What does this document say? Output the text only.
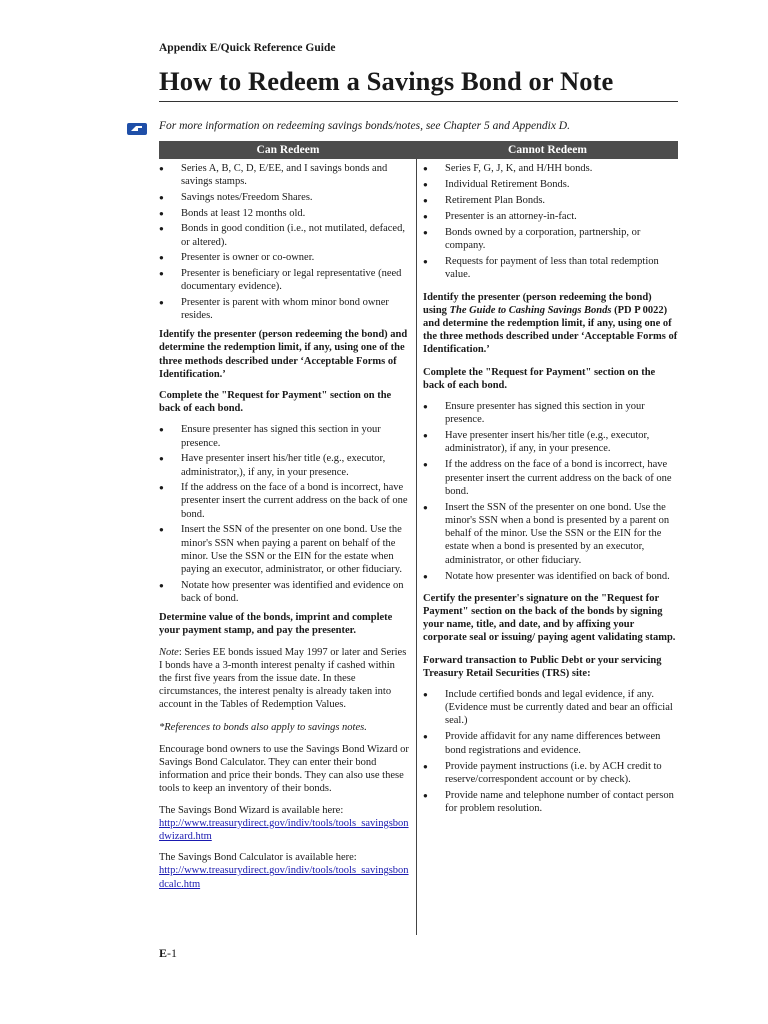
Appendix E/Quick Reference Guide
How to Redeem a Savings Bond or Note
For more information on redeeming savings bonds/notes, see Chapter 5 and Appendix D.
Can Redeem	Cannot Redeem
● Series A, B, C, D, E/EE, and I savings bonds and savings stamps.
● Savings notes/Freedom Shares.
● Bonds at least 12 months old.
● Bonds in good condition (i.e., not mutilated, defaced, or altered).
● Presenter is owner or co-owner.
● Presenter is beneficiary or legal representative (need documentary evidence).
● Presenter is parent with whom minor bond owner resides.
Identify the presenter (person redeeming the bond) and determine the redemption limit, if any, using one of the three methods described under ‘Acceptable Forms of Identification.’
Complete the "Request for Payment" section on the back of each bond.
● Ensure presenter has signed this section in your presence.
● Have presenter insert his/her title (e.g., executor, administrator,), if any, in your presence.
● If the address on the face of a bond is incorrect, have presenter insert the current address on the back of one bond.
● Insert the SSN of the presenter on one bond. Use the minor's SSN when paying a parent on behalf of the minor. Use the SSN or the EIN for the estate when paying an executor, administrator, or other fiduciary.
● Notate how presenter was identified and evidence on back of bond.
Determine value of the bonds, imprint and complete your payment stamp, and pay the presenter.
Note: Series EE bonds issued May 1997 or later and Series I bonds have a 3-month interest penalty if cashed within the first five years from the issue date. In these circumstances, the interest penalty is already taken into account in the Tables of Redemption Values.
*References to bonds also apply to savings notes.
Encourage bond owners to use the Savings Bond Wizard or Savings Bond Calculator. They can enter their bond information and price their bonds. They can also use these tools to keep an inventory of their bonds.
The Savings Bond Wizard is available here:
http://www.treasurydirect.gov/indiv/tools/tools_savingsbondwizard.htm
The Savings Bond Calculator is available here:
http://www.treasurydirect.gov/indiv/tools/tools_savingsbondcalc.htm
● Series F, G, J, K, and H/HH bonds.
● Individual Retirement Bonds.
● Retirement Plan Bonds.
● Presenter is an attorney-in-fact.
● Bonds owned by a corporation, partnership, or company.
● Requests for payment of less than total redemption value.
Identify the presenter (person redeeming the bond) using The Guide to Cashing Savings Bonds (PD P 0022) and determine the redemption limit, if any, using one of the three methods described under ‘Acceptable Forms of Identification.’
Complete the "Request for Payment" section on the back of each bond.
● Ensure presenter has signed this section in your presence.
● Have presenter insert his/her title (e.g., executor, administrator), if any, in your presence.
● If the address on the face of a bond is incorrect, have presenter insert the current address on the back of one bond.
● Insert the SSN of the presenter on one bond. Use the minor's SSN when a bond is presented by a parent on behalf of the minor. Use the SSN or the EIN for the estate when a bond is presented by an executor, administrator, or other fiduciary.
● Notate how presenter was identified on back of bond.
Certify the presenter's signature on the "Request for Payment" section on the back of the bonds by signing your name, title, and date, and by affixing your corporate seal or issuing/ paying agent validating stamp.
Forward transaction to Public Debt or your servicing Treasury Retail Securities (TRS) site:
● Include certified bonds and legal evidence, if any. (Evidence must be currently dated and bear an official seal.)
● Provide affidavit for any name differences between bond registrations and evidence.
● Provide payment instructions (i.e. by ACH credit to reserve/correspondent account or by check).
● Provide name and telephone number of contact person for problem resolution.
E-1
